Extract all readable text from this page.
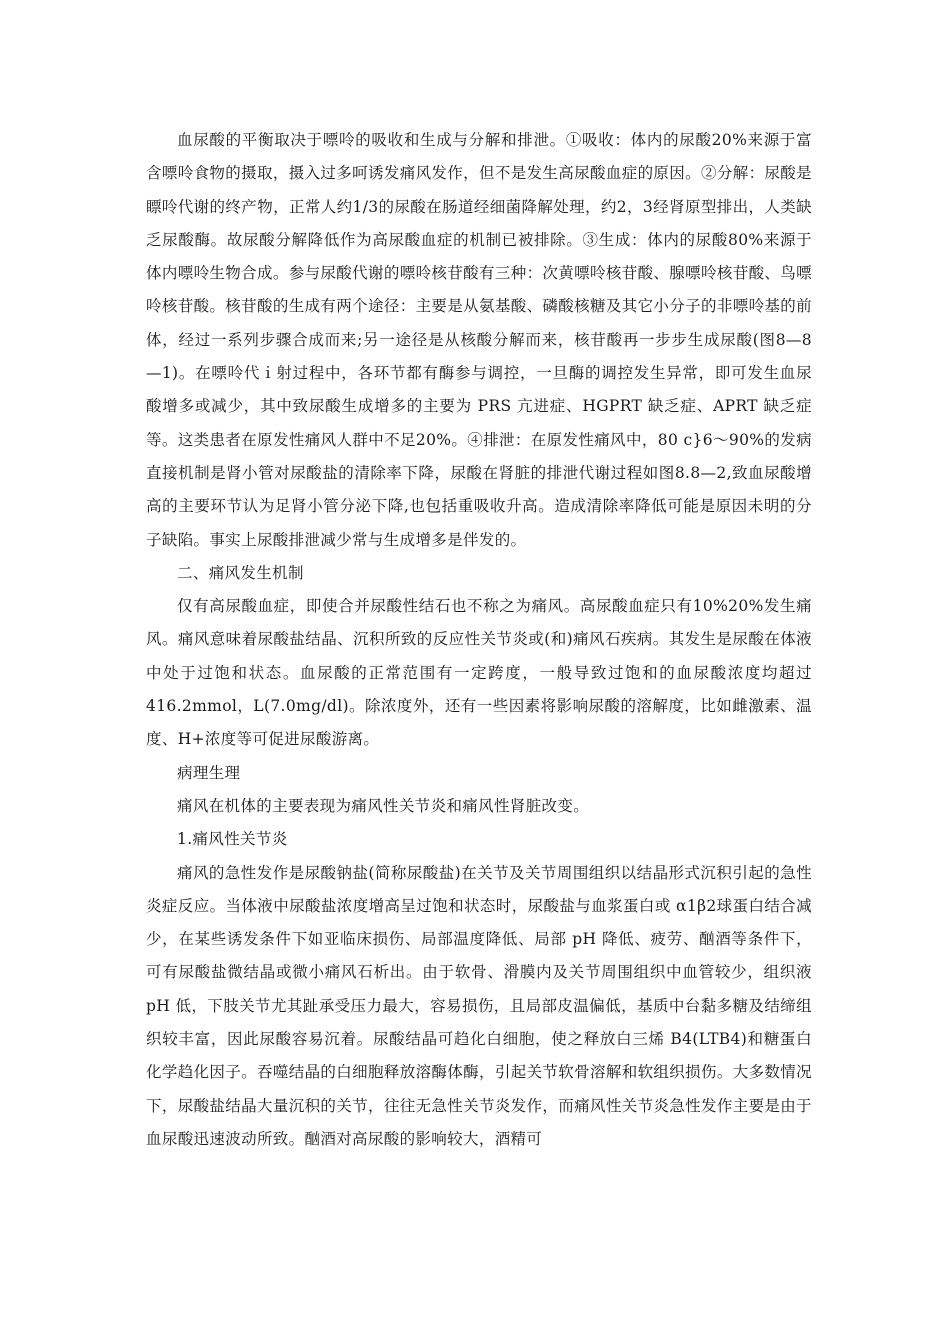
血尿酸的平衡取决于嘌呤的吸收和生成与分解和排泄。①吸收：体内的尿酸20%来源于富含嘌呤食物的摄取，摄入过多呵诱发痛风发作，但不是发生高尿酸血症的原因。②分解：尿酸是瞟呤代谢的终产物，正常人约1/3的尿酸在肠道经细菌降解处理，约2，3经肾原型排出，人类缺乏尿酸酶。故尿酸分解降低作为高尿酸血症的机制已被排除。③生成：体内的尿酸80%来源于体内嘌呤生物合成。参与尿酸代谢的嘌呤核苷酸有三种：次黄嘌呤核苷酸、腺嘌呤核苷酸、鸟嘌呤核苷酸。核苷酸的生成有两个途径：主要是从氨基酸、磷酸核糖及其它小分子的非嘌呤基的前体，经过一系列步骤合成而来;另一途径是从核酸分解而来，核苷酸再一步步生成尿酸(图8—8—1)。在嘌呤代ｉ射过程中，各环节都有酶参与调控，一旦酶的调控发生异常，即可发生血尿酸增多或减少，其中致尿酸生成增多的主要为 PRS 亢进症、HGPRT 缺乏症、APRT 缺乏症等。这类患者在原发性痛风人群中不足20%。④排泄：在原发性痛风中，80 c}6～90%的发病直接机制是肾小管对尿酸盐的清除率下降，尿酸在肾脏的排泄代谢过程如图8.8—2,致血尿酸增高的主要环节认为足肾小管分泌下降,也包括重吸收升高。造成清除率降低可能是原因未明的分子缺陷。事实上尿酸排泄减少常与生成增多是伴发的。

二、痛风发生机制

仅有高尿酸血症，即使合并尿酸性结石也不称之为痛风。高尿酸血症只有10%20%发生痛风。痛风意味着尿酸盐结晶、沉积所致的反应性关节炎或(和)痛风石疾病。其发生是尿酸在体液中处于过饱和状态。血尿酸的正常范围有一定跨度，一般导致过饱和的血尿酸浓度均超过416.2mmol，L(7.0mg/dl)。除浓度外，还有一些因素将影响尿酸的溶解度，比如雌激素、温度、H+浓度等可促进尿酸游离。

病理生理

痛风在机体的主要表现为痛风性关节炎和痛风性肾脏改变。

1.痛风性关节炎

痛风的急性发作是尿酸钠盐(简称尿酸盐)在关节及关节周围组织以结晶形式沉积引起的急性炎症反应。当体液中尿酸盐浓度增高呈过饱和状态时，尿酸盐与血浆蛋白或 α1β2球蛋白结合减少，在某些诱发条件下如亚临床损伤、局部温度降低、局部 pH 降低、疲劳、酗酒等条件下，可有尿酸盐微结晶或微小痛风石析出。由于软骨、滑膜内及关节周围组织中血管较少，组织液 pH 低，下肢关节尤其趾承受压力最大，容易损伤，且局部皮温偏低，基质中台黏多糖及结缔组织较丰富，因此尿酸容易沉着。尿酸结晶可趋化白细胞，使之释放白三烯 B4(LTB4)和糖蛋白化学趋化因子。吞噬结晶的白细胞释放溶酶体酶，引起关节软骨溶解和软组织损伤。大多数情况下，尿酸盐结晶大量沉积的关节，往往无急性关节炎发作，而痛风性关节炎急性发作主要是由于血尿酸迅速波动所致。酗酒对高尿酸的影响较大，酒精可
